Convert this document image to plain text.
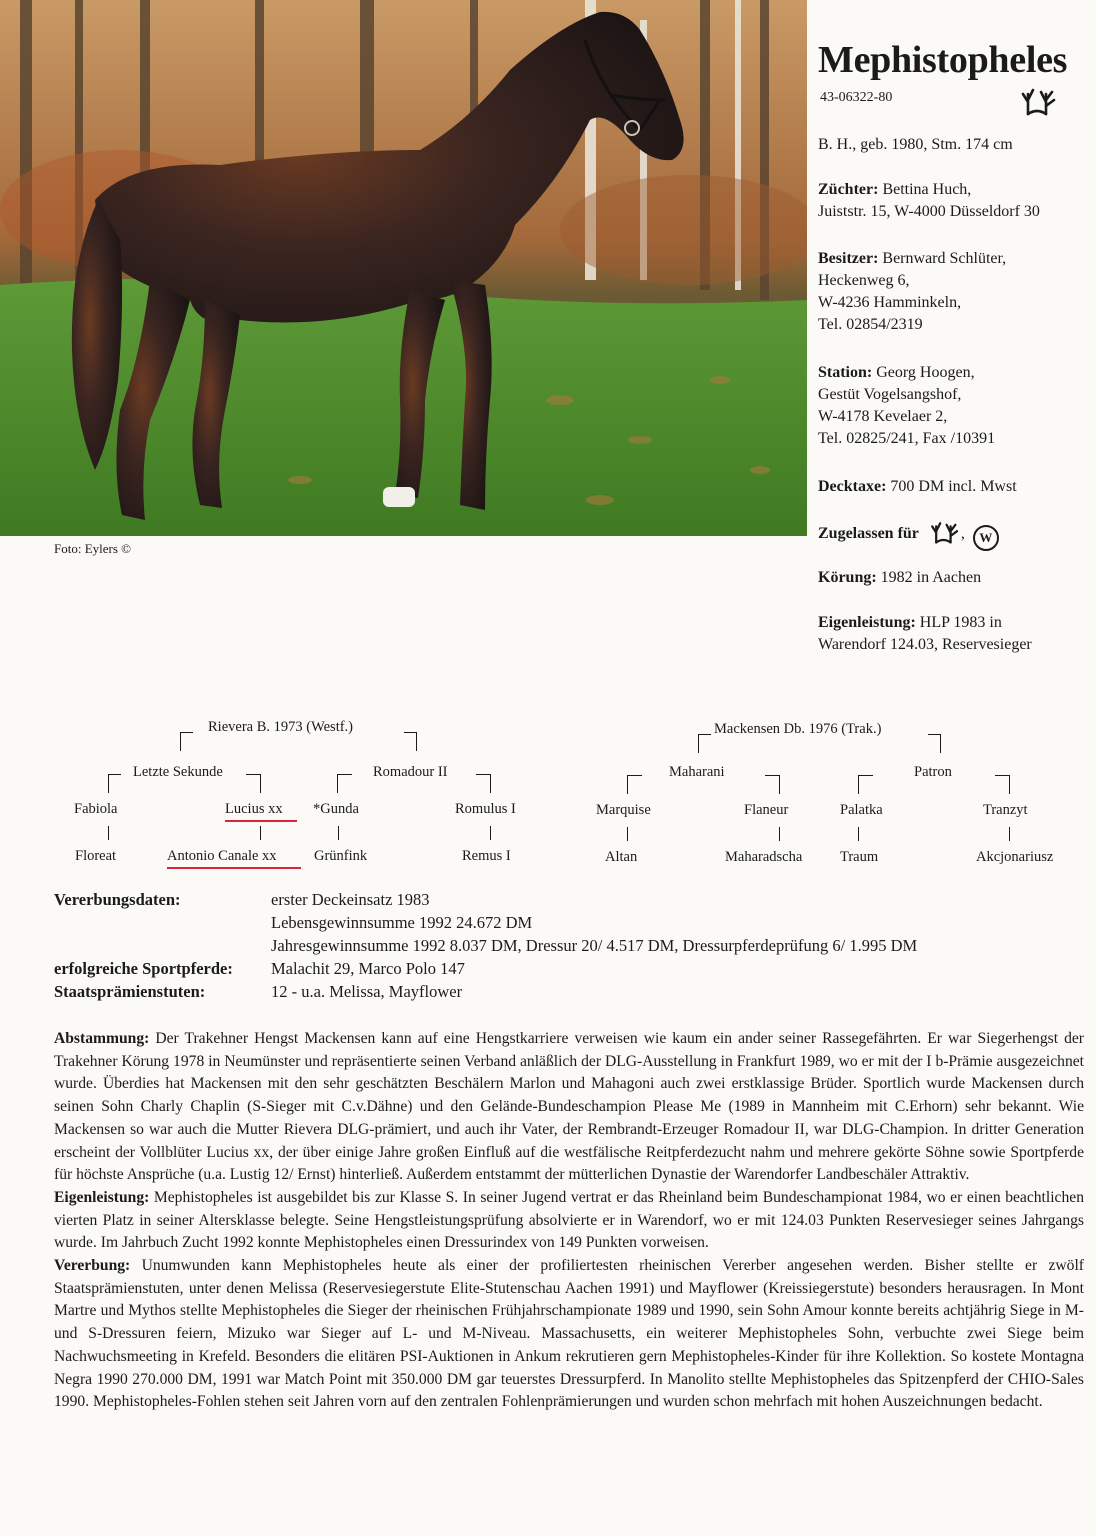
Foto: Eylers ©
Mephistopheles
43-06322-80
B. H., geb. 1980, Stm. 174 cm
Züchter: Bettina Huch,
Juiststr. 15, W-4000 Düsseldorf 30
Besitzer: Bernward Schlüter,
Heckenweg 6,
W-4236 Hamminkeln,
Tel. 02854/2319
Station: Georg Hoogen,
Gestüt Vogelsangshof,
W-4178 Kevelaer 2,
Tel. 02825/241, Fax /10391
Decktaxe: 700 DM incl. Mwst
Zugelassen für	, W
Körung: 1982 in Aachen
Eigenleistung: HLP 1983 in
Warendorf 124.03, Reservesieger
Rievera B. 1973 (Westf.)
Letzte Sekunde	Romadour II
Fabiola	Lucius xx *Gunda	Romulus I
Floreat	Antonio Canale xx	Grünfink	Remus I
Mackensen Db. 1976 (Trak.)
Maharani	Patron
Marquise	Flaneur	Palatka	Tranzyt
Altan	Maharadscha	Traum	Akcjonariusz
Vererbungsdaten:	erster Deckeinsatz 1983
Lebensgewinnsumme 1992 24.672 DM
Jahresgewinnsumme 1992 8.037 DM, Dressur 20/ 4.517 DM, Dressurpferdeprüfung 6/ 1.995 DM
erfolgreiche Sportpferde: Malachit 29, Marco Polo 147
Staatsprämienstuten:	12 - u.a. Melissa, Mayflower

Abstammung: Der Trakehner Hengst Mackensen kann auf eine Hengstkarriere verweisen wie kaum ein ander seiner Rassegefährten. Er war Siegerhengst der Trakehner Körung 1978 in Neumünster und repräsentierte seinen Verband anläßlich der DLG-Ausstellung in Frankfurt 1989, wo er mit der I b-Prämie ausgezeichnet wurde. Überdies hat Mackensen mit den sehr geschätzten Beschälern Marlon und Mahagoni auch zwei erstklassige Brüder. Sportlich wurde Mackensen durch seinen Sohn Charly Chaplin (S-Sieger mit C.v.Dähne) und den Gelände-Bundeschampion Please Me (1989 in Mannheim mit C.Erhorn) sehr bekannt. Wie Mackensen so war auch die Mutter Rievera DLG-prämiert, und auch ihr Vater, der Rembrandt-Erzeuger Romadour II, war DLG-Champion. In dritter Generation erscheint der Vollblüter Lucius xx, der über einige Jahre großen Einfluß auf die westfälische Reitpferdezucht nahm und mehrere gekörte Söhne sowie Sportpferde für höchste Ansprüche (u.a. Lustig 12/ Ernst) hinterließ. Außerdem entstammt der mütterlichen Dynastie der Warendorfer Landbeschäler Attraktiv.

Eigenleistung: Mephistopheles ist ausgebildet bis zur Klasse S. In seiner Jugend vertrat er das Rheinland beim Bundeschampionat 1984, wo er einen beachtlichen vierten Platz in seiner Altersklasse belegte. Seine Hengstleistungsprüfung absolvierte er in Warendorf, wo er mit 124.03 Punkten Reservesieger seines Jahrgangs wurde. Im Jahrbuch Zucht 1992 konnte Mephistopheles einen Dressurindex von 149 Punkten vorweisen.

Vererbung: Unumwunden kann Mephistopheles heute als einer der profiliertesten rheinischen Vererber angesehen werden. Bisher stellte er zwölf Staatsprämienstuten, unter denen Melissa (Reservesiegerstute Elite-Stutenschau Aachen 1991) und Mayflower (Kreissiegerstute) besonders herausragen. In Mont Martre und Mythos stellte Mephistopheles die Sieger der rheinischen Frühjahrschampionate 1989 und 1990, sein Sohn Amour konnte bereits achtjährig Siege in M- und S-Dressuren feiern, Mizuko war Sieger auf L- und M-Niveau. Massachusetts, ein weiterer Mephistopheles Sohn, verbuchte zwei Siege beim Nachwuchsmeeting in Krefeld. Besonders die elitären PSI-Auktionen in Ankum rekrutieren gern Mephistopheles-Kinder für ihre Kollektion. So kostete Montagna Negra 1990 270.000 DM, 1991 war Match Point mit 350.000 DM gar teuerstes Dressurpferd. In Manolito stellte Mephistopheles das Spitzenpferd der CHIO-Sales 1990. Mephistopheles-Fohlen stehen seit Jahren vorn auf den zentralen Fohlenprämierungen und wurden schon mehrfach mit hohen Auszeichnungen bedacht.
